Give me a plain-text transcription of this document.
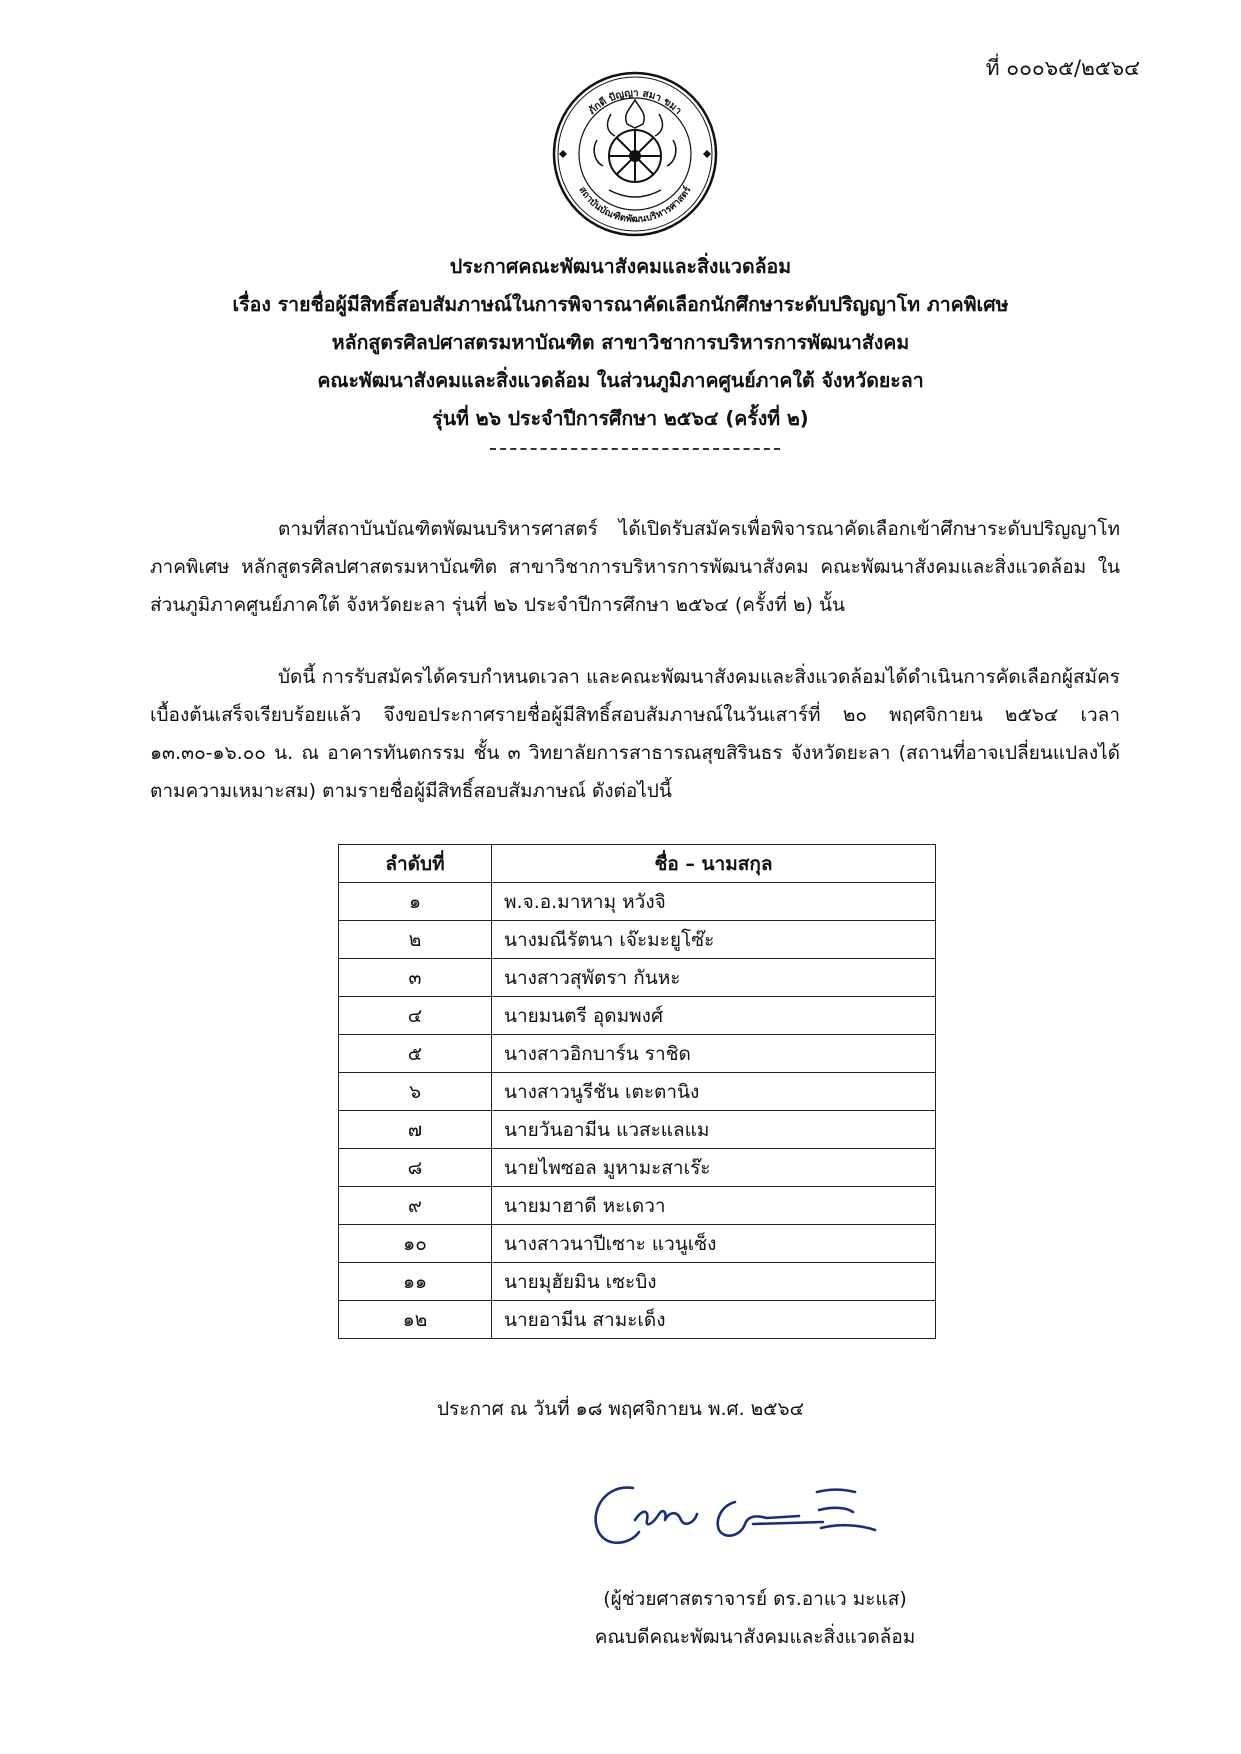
ที่ ๐๐๐๖๕/๒๕๖๔
ภักดี ปัญญา สมา ขมา
สถาบันบัณฑิตพัฒนบริหารศาสตร์
ประกาศคณะพัฒนาสังคมและสิ่งแวดล้อม
เรื่อง รายชื่อผู้มีสิทธิ์สอบสัมภาษณ์ในการพิจารณาคัดเลือกนักศึกษาระดับปริญญาโท ภาคพิเศษ
หลักสูตรศิลปศาสตรมหาบัณฑิต สาขาวิชาการบริหารการพัฒนาสังคม
คณะพัฒนาสังคมและสิ่งแวดล้อม ในส่วนภูมิภาคศูนย์ภาคใต้ จังหวัดยะลา
รุ่นที่ ๒๖ ประจำปีการศึกษา ๒๕๖๔ (ครั้งที่ ๒)
ตามที่สถาบันบัณฑิตพัฒนบริหารศาสตร์ ได้เปิดรับสมัครเพื่อพิจารณาคัดเลือกเข้าศึกษาระดับปริญญาโท ภาคพิเศษ หลักสูตรศิลปศาสตรมหาบัณฑิต สาขาวิชาการบริหารการพัฒนาสังคม คณะพัฒนาสังคมและสิ่งแวดล้อม ในส่วนภูมิภาคศูนย์ภาคใต้ จังหวัดยะลา รุ่นที่ ๒๖ ประจำปีการศึกษา ๒๕๖๔ (ครั้งที่ ๒) นั้น
บัดนี้ การรับสมัครได้ครบกำหนดเวลา และคณะพัฒนาสังคมและสิ่งแวดล้อมได้ดำเนินการคัดเลือกผู้สมัครเบื้องต้นเสร็จเรียบร้อยแล้ว จึงขอประกาศรายชื่อผู้มีสิทธิ์สอบสัมภาษณ์ในวันเสาร์ที่ ๒๐ พฤศจิกายน ๒๕๖๔ เวลา ๑๓.๓๐-๑๖.๐๐ น. ณ อาคารทันตกรรม ชั้น ๓ วิทยาลัยการสาธารณสุขสิรินธร จังหวัดยะลา (สถานที่อาจเปลี่ยนแปลงได้ตามความเหมาะสม) ตามรายชื่อผู้มีสิทธิ์สอบสัมภาษณ์ ดังต่อไปนี้
ลำดับที่	ชื่อ – นามสกุล
๑	พ.จ.อ.มาหามุ หวังจิ
๒	นางมณีรัตนา เจ๊ะมะยูโซ๊ะ
๓	นางสาวสุพัตรา กันหะ
๔	นายมนตรี อุดมพงศ์
๕	นางสาวอิกบาร์น ราชิด
๖	นางสาวนูรีชัน เตะตานิง
๗	นายวันอามีน แวสะแลแม
๘	นายไพซอล มูหามะสาเร๊ะ
๙	นายมาฮาดี หะเดวา
๑๐	นางสาวนาปีเซาะ แวนูเซ็ง
๑๑	นายมุฮัยมิน เซะบิง
๑๒	นายอามีน สามะเด็ง
ประกาศ ณ วันที่ ๑๘ พฤศจิกายน พ.ศ. ๒๕๖๔
(ผู้ช่วยศาสตราจารย์ ดร.อาแว มะแส)
คณบดีคณะพัฒนาสังคมและสิ่งแวดล้อม
